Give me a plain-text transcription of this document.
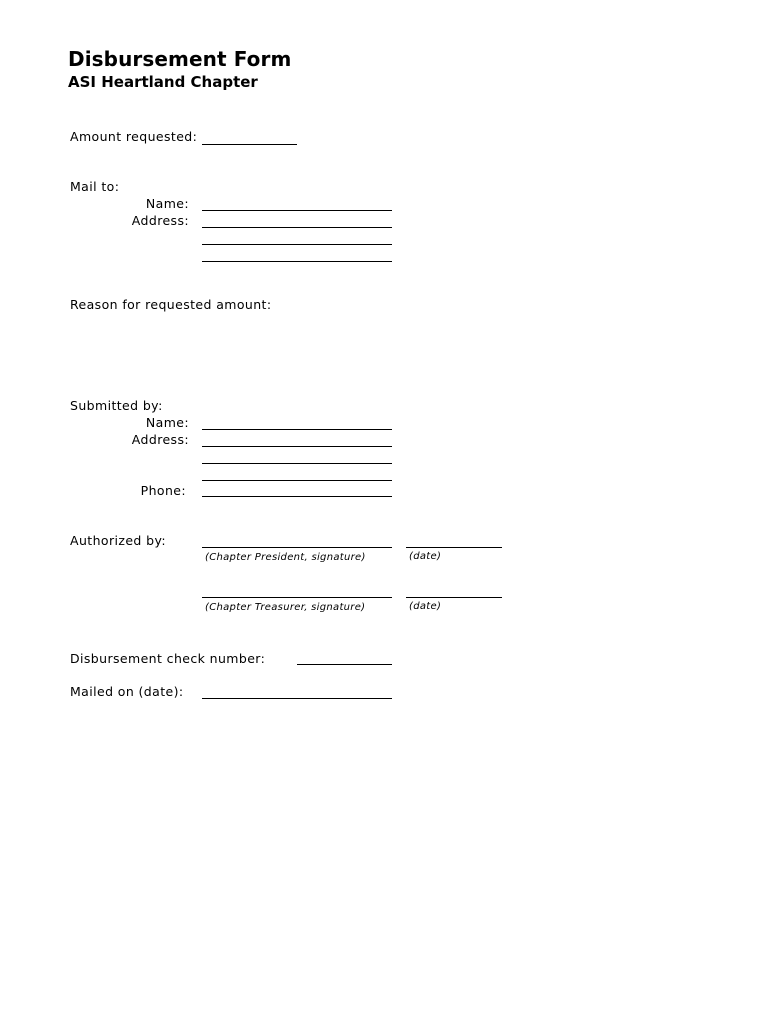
Disbursement Form
ASI Heartland Chapter
Amount requested:
Mail to:
Name:
Address:
Reason for requested amount:
Submitted by:
Name:
Address:
Phone:
Authorized by:
(Chapter President, signature)	(date)
(Chapter Treasurer, signature)	(date)
Disbursement check number:
Mailed on (date):
